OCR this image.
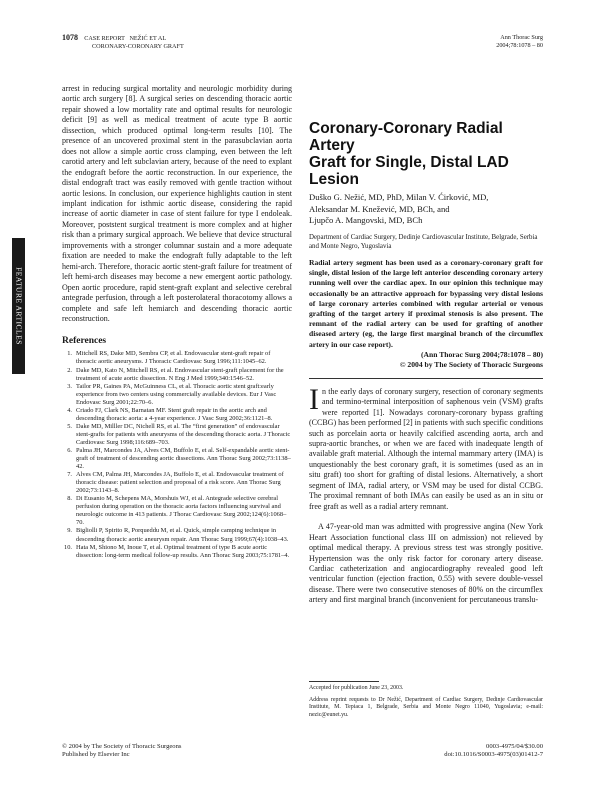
1078 CASE REPORT NEŽIĆ ET AL
CORONARY-CORONARY GRAFT
Ann Thorac Surg
2004;78:1078 – 80
FEATURE ARTICLES

arrest in reducing surgical mortality and neurologic morbidity during aortic arch surgery [8]. A surgical series on descending thoracic aortic repair showed a low mortality rate and optimal results for neurologic deficit [9] as well as medical treatment of acute type B aortic dissection, which produced optimal long-term results [10]. The presence of an uncovered proximal stent in the parasubclavian aorta does not allow a simple aortic cross clamping, even between the left carotid artery and left subclavian artery, because of the need to explant the endograft before the aortic reconstruction. In our experience, the distal endograft tract was easily removed with gentle traction without aortic lesions. In conclusion, our experience highlights caution in stent implant indication for isthmic aortic disease, considering the rapid increase of aortic diameter in case of stent failure for type I endoleak. Moreover, poststent surgical treatment is more complex and at higher risk than a primary surgical approach. We believe that device structural improvements with a stronger columnar sustain and a more adequate fixation are needed to make the endograft fully adaptable to the left hemi-arch. Therefore, thoracic aortic stent-graft failure for treatment of left hemi-arch diseases may become a new emergent aortic pathology. Open aortic procedure, rapid stent-graft explant and selective cerebral antegrade perfusion, through a left posterolateral thoracotomy allows a complete and safe left hemiarch and descending thoracic aortic reconstruction.

References

1. Mitchell RS, Dake MD, Sembra CP, et al. Endovascular stent-graft repair of thoracic aortic aneurysms. J Thoracic Cardiovasc Surg 1996;111:1045–62.
2. Dake MD, Kato N, Mitchell RS, et al. Endovascular stent-graft placement for the treatment of acute aortic dissection. N Eng J Med 1999;340:1546–52.
3. Tailor PR, Gaines PA, McGuinness CL, et al. Thoracic aortic stent graft:early experience from two centers using commercially available devices. Eur J Vasc Endovasc Surg 2001;22:70–6.
4. Criado FJ, Clark NS, Barnatan MF. Stent graft repair in the aortic arch and descending thoracic aorta: a 4-year experience. J Vasc Surg 2002;36:1121–8.
5. Dake MD, Milller DC, Nichell RS, et al. The “first generation” of endovascular stent-grafts for patients with aneurysms of the descending thoracic aorta. J Thoracic Cardiovasc Surg 1998;116:689–703.
6. Palma JH, Marcondes JA, Alves CM, Buffolo E, et al. Self-expandable aortic stent-graft of treatment of descending aortic dissections. Ann Thorac Surg 2002;73:1138–42.
7. Alves CM, Palma JH, Marcondes JA, Buffolo E, et al. Endovascular treatment of thoracic disease: patient selection and proposal of a risk score. Ann Thorac Surg 2002;73:1143–8.
8. Di Eusanio M, Schepens MA, Morshuis WJ, et al. Antegrade selective cerebral perfusion during operation on the thoracic aorta factors influencing survival and neurologic outcome in 413 patients. J Thorac Cardiovasc Surg 2002;124(6):1068–70.
9. Bigliolli P, Spirito R, Porqueddu M, et al. Quick, simple camping technique in descending thoracic aortic aneurysm repair. Ann Thorac Surg 1999;67(4):1038–43.
10. Hata M, Shiono M, Inoue T, et al. Optimal treatment of type B acute aortic dissection: long-term medical follow-up results. Ann Thorac Surg 2003;75:1781–4.
Coronary-Coronary Radial Artery
Graft for Single, Distal LAD Lesion
Duško G. Nežić, MD, PhD, Milan V. Ćirković, MD,
Aleksandar M. Knežević, MD, BCh, and
Ljupčo A. Mangovski, MD, BCh
Department of Cardiac Surgery, Dedinje Cardiovascular Institute, Belgrade, Serbia and Monte Negro, Yugoslavia

Radial artery segment has been used as a coronary-coronary graft for single, distal lesion of the large left anterior descending coronary artery running well over the cardiac apex. In our opinion this technique may occasionally be an attractive approach for bypassing very distal lesions of large coronary arteries combined with regular arterial or venous grafting of the target artery if proximal stenosis is also present. The remnant of the radial artery can be used for grafting of another diseased artery (eg, the large first marginal branch of the circumflex artery in our case report).

(Ann Thorac Surg 2004;78:1078 – 80)
© 2004 by The Society of Thoracic Surgeons

In the early days of coronary surgery, resection of coronary segments and termino-terminal interposition of saphenous vein (VSM) grafts were reported [1]. Nowadays coronary-coronary bypass grafting (CCBG) has been performed [2] in patients with such specific conditions such as porcelain aorta or heavily calcified ascending aorta, arch and supra-aortic branches, or when we are faced with inadequate length of available graft material. Although the internal mammary artery (IMA) is unquestionably the best coronary graft, it is sometimes (used as an in situ graft) too short for grafting of distal lesions. Alternatively, a short segment of IMA, radial artery, or VSM may be used for distal CCBG. The proximal remnant of both IMAs can easily be used as an in situ or free graft as well as a radial artery remnant.

A 47-year-old man was admitted with progressive angina (New York Heart Association functional class III on admission) not relieved by optimal medical therapy. A previous stress test was strongly positive. Hypertension was the only risk factor for coronary artery disease. Cardiac catheterization and angiocardiography revealed good left ventricular function (ejection fraction, 0.55) with severe double-vessel disease. There were two consecutive stenoses of 80% on the circumflex artery and first marginal branch (inconvenient for percutaneous translu-

Accepted for publication June 23, 2003.
Address reprint requests to Dr Nežić, Department of Cardiac Surgery, Dedinje Cardiovascular Institute, M. Tepiaca 1, Belgrade, Serbia and Monte Negro 11040, Yugoslavia; e-mail: nezic@eunet.yu.
© 2004 by The Society of Thoracic Surgeons
Published by Elsevier Inc
0003-4975/04/$30.00
doi:10.1016/S0003-4975(03)01412-7
